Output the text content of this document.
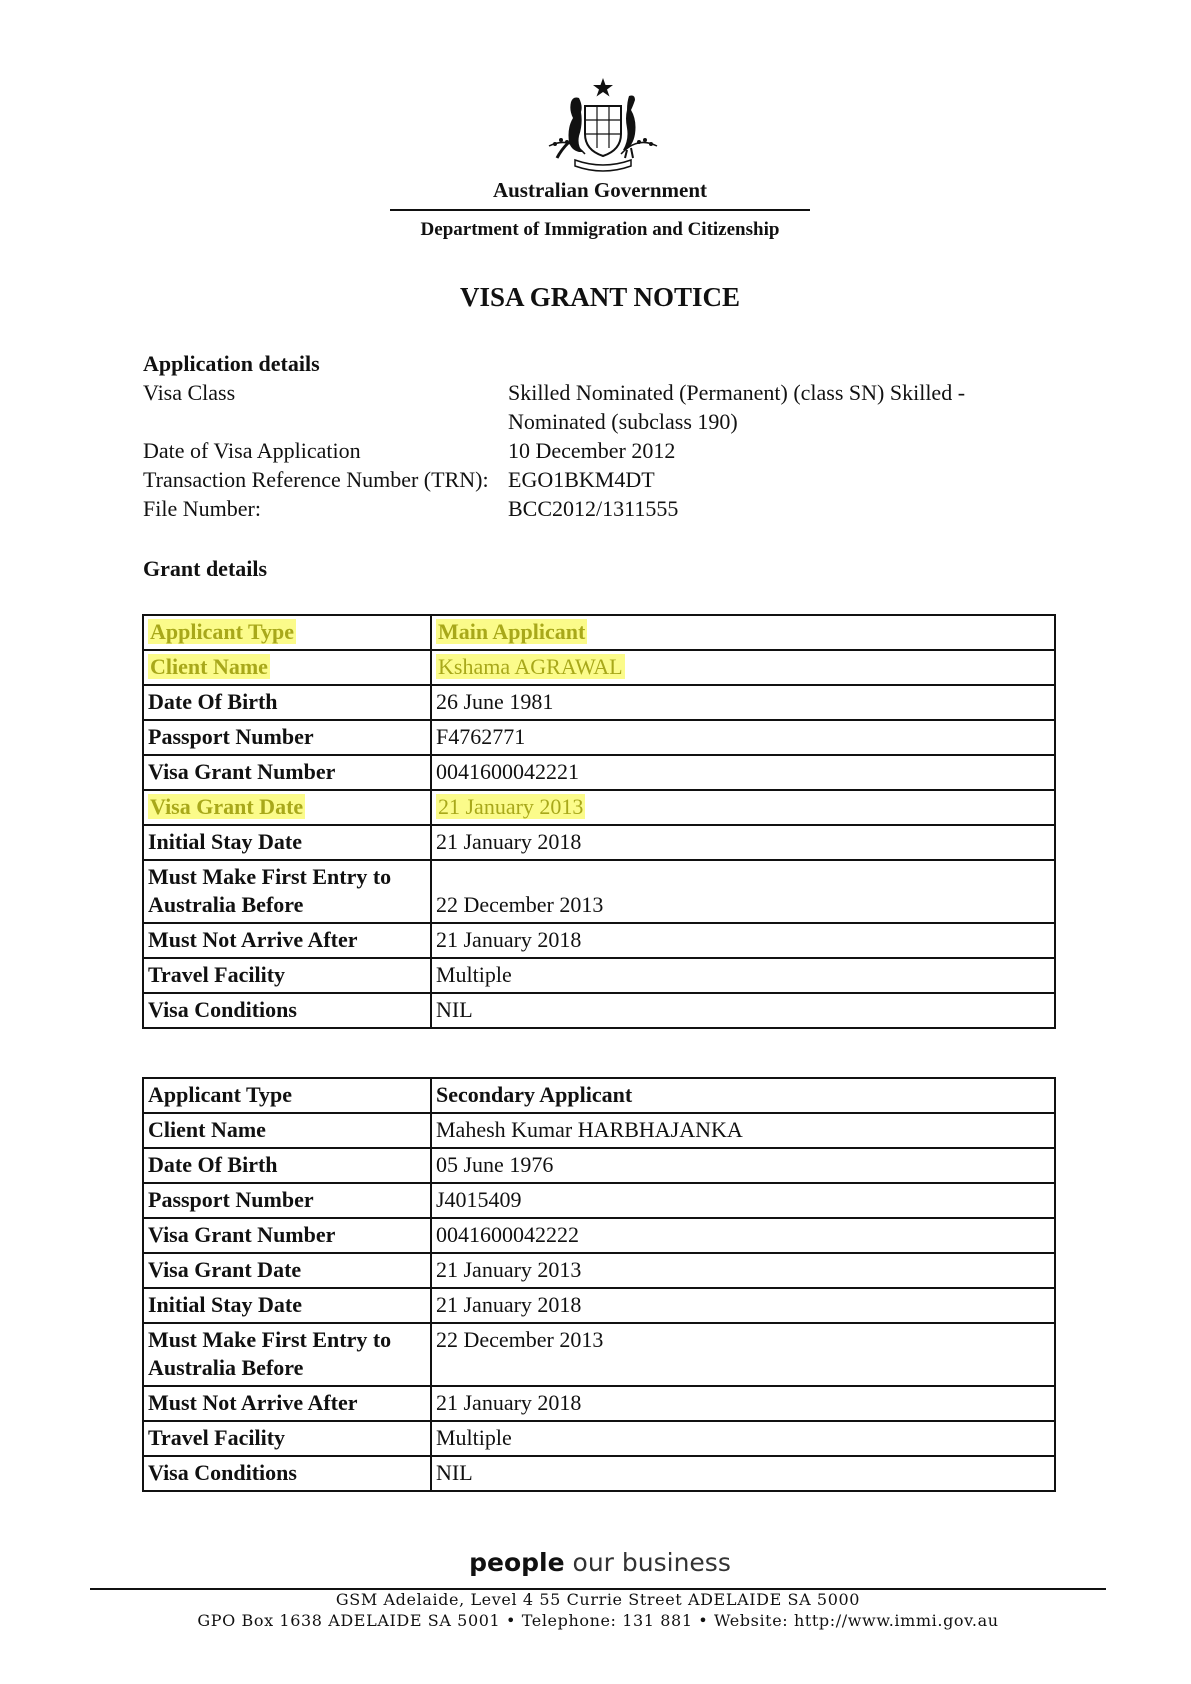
Australian Government
Department of Immigration and Citizenship
VISA GRANT NOTICE
Application details
Visa Class	Skilled Nominated (Permanent) (class SN) Skilled - Nominated (subclass 190)
Date of Visa Application	10 December 2012
Transaction Reference Number (TRN): EGO1BKM4DT
File Number:	BCC2012/1311555
Grant details
Applicant Type	Main Applicant
Client Name	Kshama AGRAWAL
Date Of Birth	26 June 1981
Passport Number	F4762771
Visa Grant Number	0041600042221
Visa Grant Date	21 January 2013
Initial Stay Date	21 January 2018
Must Make First Entry to Australia Before	22 December 2013
Must Not Arrive After	21 January 2018
Travel Facility	Multiple
Visa Conditions	NIL
Applicant Type	Secondary Applicant
Client Name	Mahesh Kumar HARBHAJANKA
Date Of Birth	05 June 1976
Passport Number	J4015409
Visa Grant Number	0041600042222
Visa Grant Date	21 January 2013
Initial Stay Date	21 January 2018
Must Make First Entry to Australia Before	22 December 2013
Must Not Arrive After	21 January 2018
Travel Facility	Multiple
Visa Conditions	NIL
people our business
GSM Adelaide, Level 4 55 Currie Street ADELAIDE SA 5000
GPO Box 1638 ADELAIDE SA 5001 • Telephone: 131 881 • Website: http://www.immi.gov.au
